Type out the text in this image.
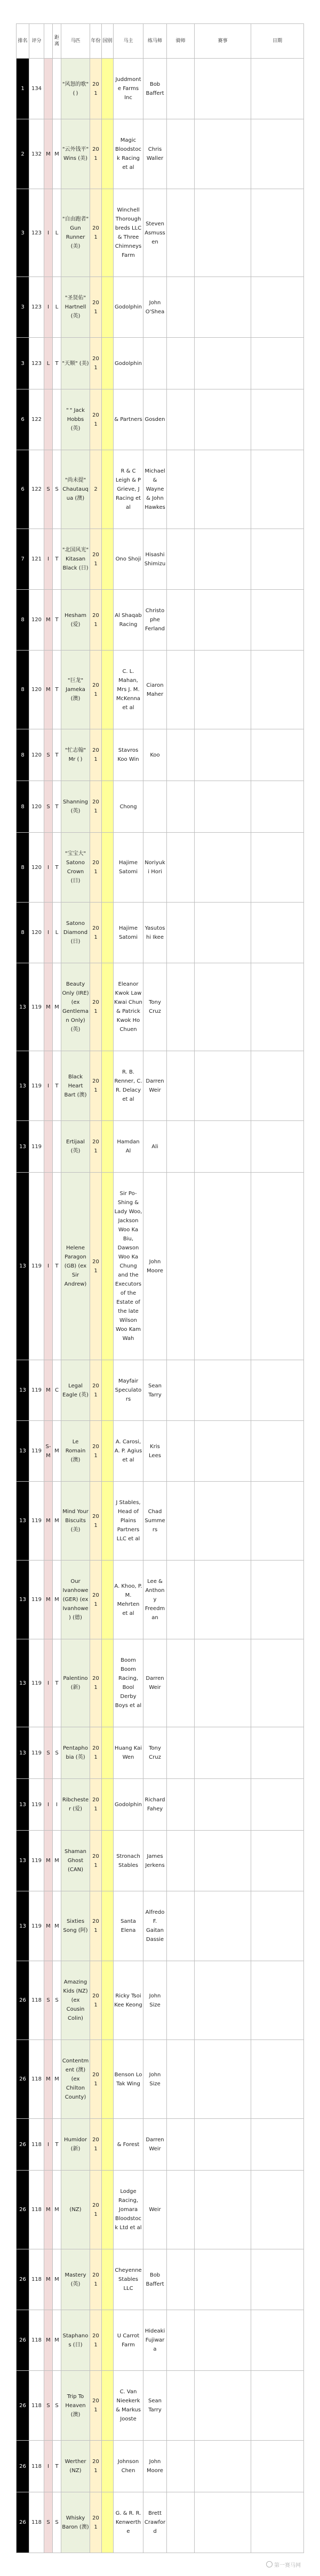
排名	评分		距离	马匹	年份	国别	马主	练马师	骑师	赛事	日期
1	134			"风怒的歌" ( )	201		Juddmonte Farms Inc	Bob Baffert			
2	132	M	M	"云外钱平" Wins (美)	201		Magic Bloodstock Racing et al	Chris Waller			
3	123	I	L	"自由跑者" Gun Runner (美)	201		Winchell Thoroughbreds LLC & Three Chimneys Farm	Steven Asmussen			
3	123	I	L	"圣贤佑" Hartnell (英)	201		Godolphin	John O'Shea			
3	123	L	T	"天顺" (美)	201		Godolphin				
6	122			" " Jack Hobbs (英)	201		& Partners	Gosden			
6	122	S	S	"尚未提" Chautauqua (澳)	2		R & C Leigh & P Grieve, J Racing et al	Michael & Wayne & John Hawkes			
7	121	I	T	"北国风光" Kitasan Black (日)	201		Ono Shoji	Hisashi Shimizu			
8	120	M	T	Hesham (爱)	201		Al Shaqab Racing	Christophe Ferland			
8	120	M	T	"巨龙" Jameka (澳)	201		C. L. Mahan, Mrs J. M. McKenna et al	Ciaron Maher			
8	120	S	T	"忙志翰" Mr ( )	201		Stavros Koo Win	Koo			
8	120	S	T	Shanning (英)	201		Chong				
8	120	I	T	"宝宝大" Satono Crown (日)	201		Hajime Satomi	Noriyuki Hori			
8	120	I	L	Satono Diamond (日)	201		Hajime Satomi	Yasutoshi Ikee			
13	119	M	M	Beauty Only (IRE) (ex Gentleman Only) (英)	201		Eleanor Kwok Law Kwai Chun & Patrick Kwok Ho Chuen	Tony Cruz			
13	119	I	T	Black Heart Bart (澳)	201		R. B. Renner, C. R. Delacy et al	Darren Weir			
13	119			Ertijaal (英)	201		Hamdan Al	Ali			
13	119	I	T	Helene Paragon (GB) (ex Sir Andrew)	201		Sir Po-Shing & Lady Woo, Jackson Woo Ka Biu, Dawson Woo Ka Chung and the Executors of the Estate of the late Wilson Woo Kam Wah	John Moore			
13	119	M	C	Legal Eagle (英)	201		Mayfair Speculators	Sean Tarry			
13	119	S-M	M	Le Romain (澳)	201		A. Carosi, A. P. Agius et al	Kris Lees			
13	119	M	M	Mind Your Biscuits (美)	201		J Stables, Head of Plains Partners LLC et al	Chad Summers			
13	119	M	M	Our Ivanhowe (GER) (ex Ivanhowe) (德)	201		A. Khoo, P. M. Mehrten et al	Lee & Anthony Freedman			
13	119	I	T	Palentino (新)	201		Boom Boom Racing, Bool Derby Boys et al	Darren Weir			
13	119	S	S	Pentaphobia (英)	201		Huang Kai Wen	Tony Cruz			
13	119	I	I	Ribchester (爱)	201		Godolphin	Richard Fahey			
13	119	M	M	Shaman Ghost (CAN)	201		Stronach Stables	James Jerkens			
13	119	M	M	Sixties Song (阿)	201		Santa Elena	Alfredo F. Gaitan Dassie			
26	118	S	S	Amazing Kids (NZ) (ex Cousin Colin)	201		Ricky Tsoi Kee Keong	John Size			
26	118	M	M	Contentment (澳) (ex Chilton County)	201		Benson Lo Tak Wing	John Size			
26	118	I	T	Humidor (新)	201		& Forest	Darren Weir			
26	118	M	M	(NZ)	201		Lodge Racing, Jomara Bloodstock Ltd et al	Weir			
26	118	M	M	Mastery (英)	201		Cheyenne Stables LLC	Bob Baffert			
26	118	M	M	Staphanos (日)	201		U Carrot Farm	Hideaki Fujiwara			
26	118	S	S	Trip To Heaven (澳)	201		C. Van Nieekerk & Markus Jooste	Sean Tarry			
26	118	I	T	Werther (NZ)	201		Johnson Chen	John Moore			
26	118	S	S	Whisky Baron (澳)	201		G. & R. R. Kenwerthe	Brett Crawford			
第一赛马网
